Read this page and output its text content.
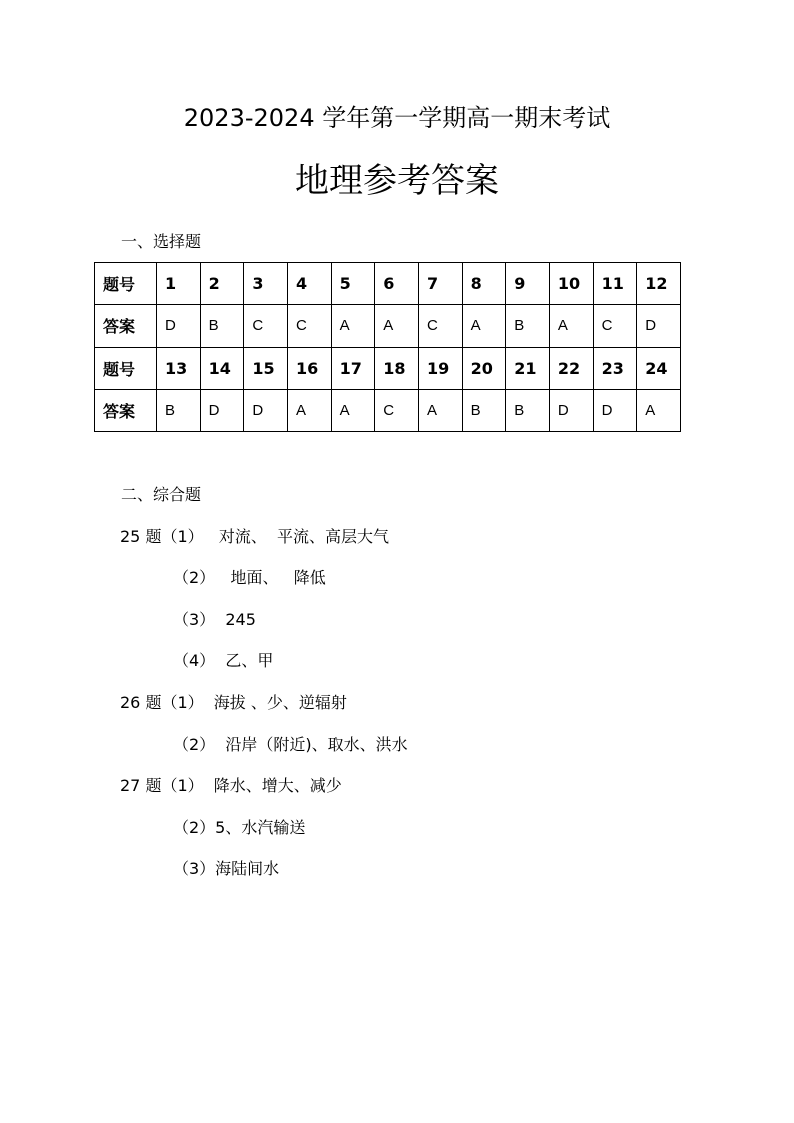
2023-2024 学年第一学期高一期末考试
地理参考答案
一、选择题
题号	1	2	3	4	5	6	7	8	9	10	11	12
答案	D	B	C	C	A	A	C	A	B	A	C	D
题号	13	14	15	16	17	18	19	20	21	22	23	24
答案	B	D	D	A	A	C	A	B	B	D	D	A
二、综合题
25 题（1）   对流、  平流、高层大气
（2）   地面、   降低
（3）  245
（4）  乙、甲
26 题（1）  海拔 、少、逆辐射
（2）  沿岸（附近)、取水、洪水
27 题（1）  降水、增大、减少
（2）5、水汽输送
（3）海陆间水
